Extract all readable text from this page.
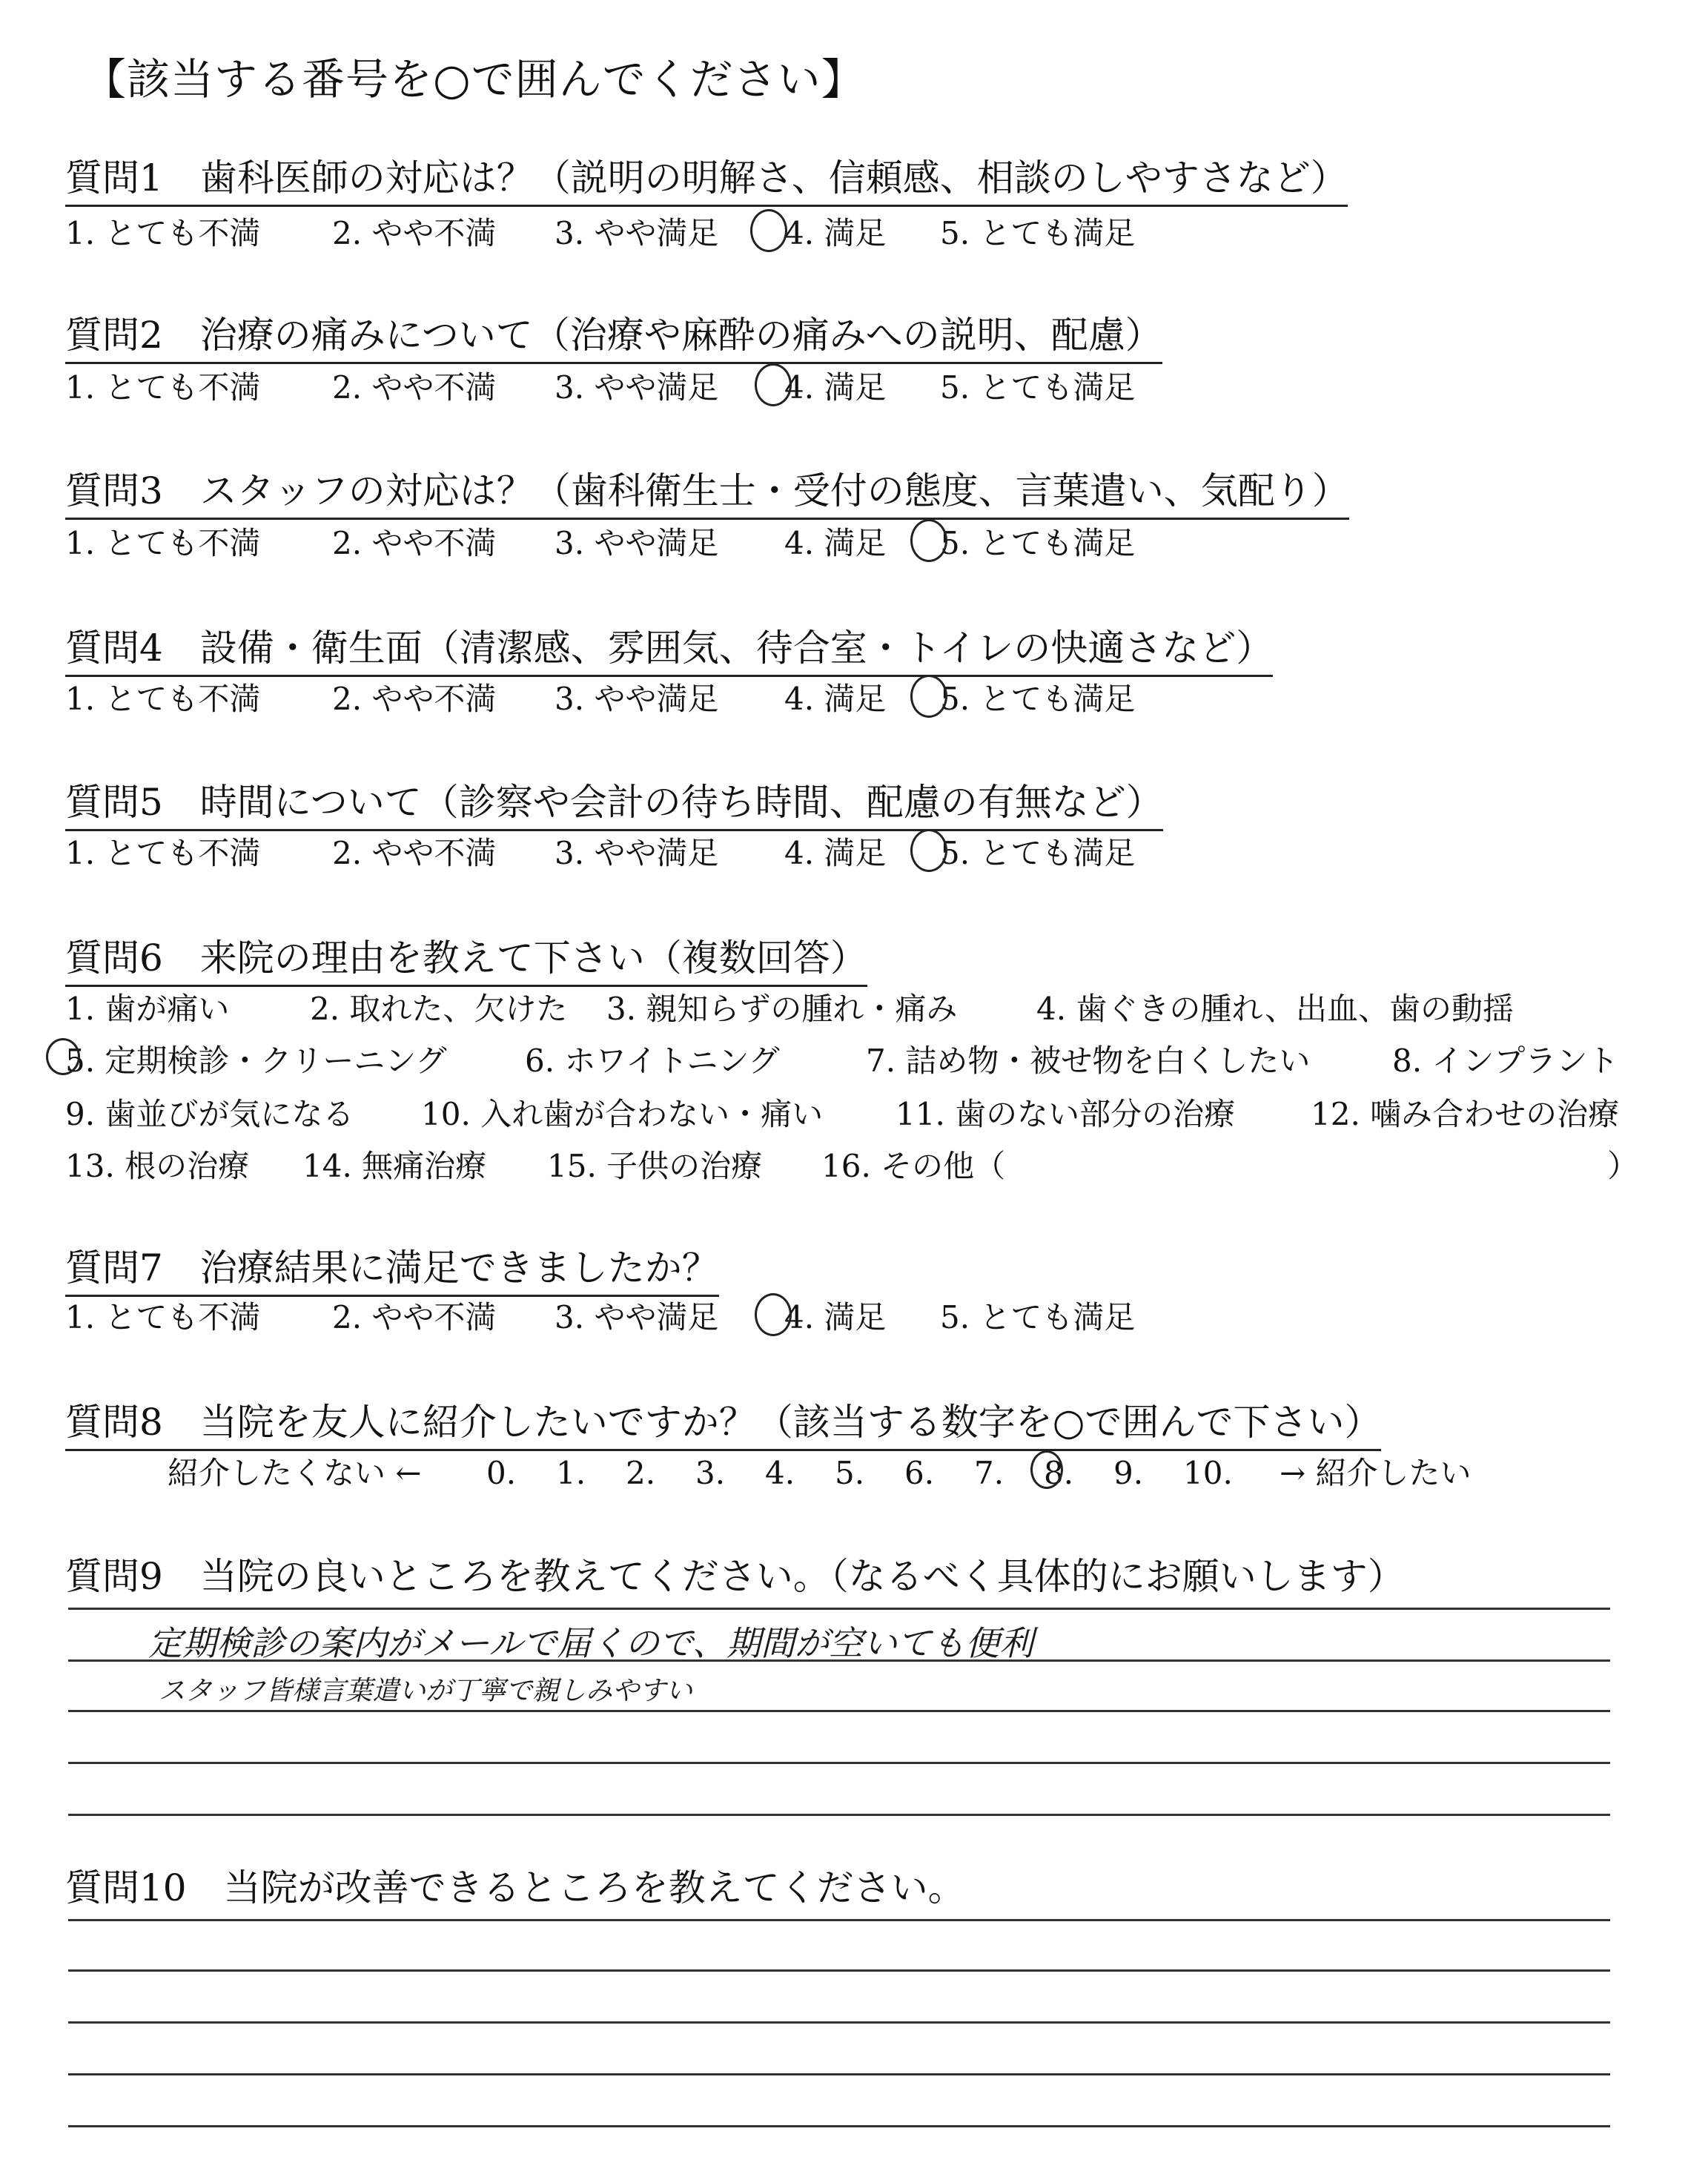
【該当する番号を○で囲んでください】
質問1　歯科医師の対応は？（説明の明解さ、信頼感、相談のしやすさなど）
1. とても不満 2. やや不満 3. やや満足 4. 満足 5. とても満足
質問2　治療の痛みについて（治療や麻酔の痛みへの説明、配慮）
1. とても不満 2. やや不満 3. やや満足 4. 満足 5. とても満足
質問3　スタッフの対応は？（歯科衛生士・受付の態度、言葉遣い、気配り）
1. とても不満 2. やや不満 3. やや満足 4. 満足 5. とても満足
質問4　設備・衛生面（清潔感、雰囲気、待合室・トイレの快適さなど）
1. とても不満 2. やや不満 3. やや満足 4. 満足 5. とても満足
質問5　時間について（診察や会計の待ち時間、配慮の有無など）
1. とても不満 2. やや不満 3. やや満足 4. 満足 5. とても満足
質問6　来院の理由を教えて下さい（複数回答）
1. 歯が痛い	2. 取れた、欠けた 3. 親知らずの腫れ・痛み	4. 歯ぐきの腫れ、出血、歯の動揺
5. 定期検診・クリーニング	6. ホワイトニング	7. 詰め物・被せ物を白くしたい	8. インプラント
9. 歯並びが気になる 10. 入れ歯が合わない・痛い 11. 歯のない部分の治療 12. 噛み合わせの治療
13. 根の治療 14. 無痛治療 15. 子供の治療 16. その他（	）
質問7　治療結果に満足できましたか？
1. とても不満 2. やや不満 3. やや満足 4. 満足 5. とても満足
質問8　当院を友人に紹介したいですか？（該当する数字を○で囲んで下さい）
紹介したくない ← 0. 1. 2. 3. 4. 5. 6. 7. 8. 9. 10. → 紹介したい
質問9　当院の良いところを教えてください。（なるべく具体的にお願いします）
定期検診の案内がメールで届くので、期間が空いても便利
スタッフ皆様言葉遣いが丁寧で親しみやすい
質問10　当院が改善できるところを教えてください。
